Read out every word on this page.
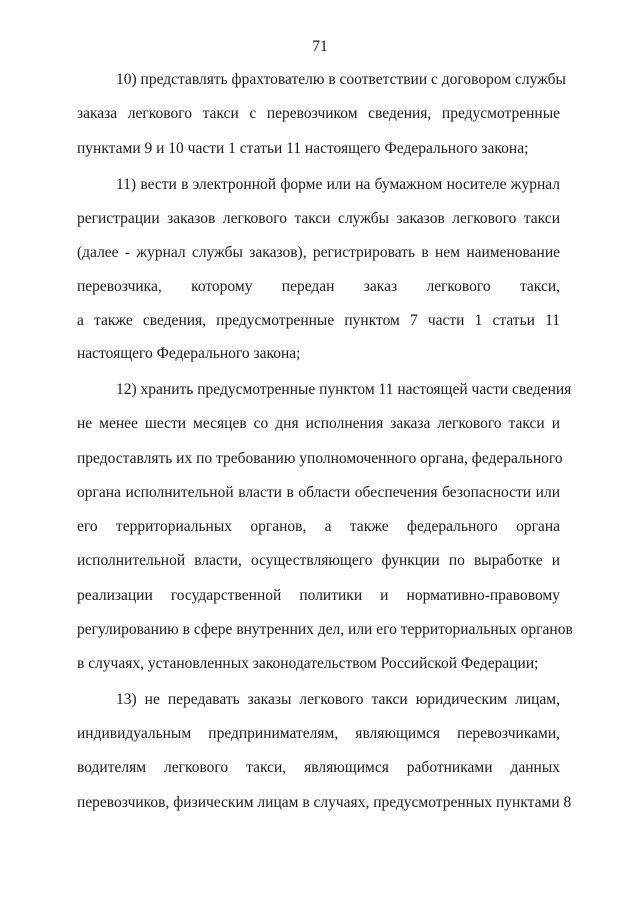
71
10) представлять фрахтователю в соответствии с договором службы
заказа легкового такси с перевозчиком сведения, предусмотренные
пунктами 9 и 10 части 1 статьи 11 настоящего Федерального закона;
11) вести в электронной форме или на бумажном носителе журнал
регистрации заказов легкового такси службы заказов легкового такси
(далее - журнал службы заказов), регистрировать в нем наименование
перевозчика, которому передан заказ легкового такси,
а также сведения, предусмотренные пунктом 7 части 1 статьи 11
настоящего Федерального закона;
12) хранить предусмотренные пунктом 11 настоящей части сведения
не менее шести месяцев со дня исполнения заказа легкового такси и
предоставлять их по требованию уполномоченного органа, федерального
органа исполнительной власти в области обеспечения безопасности или
его территориальных органов, а также федерального органа
исполнительной власти, осуществляющего функции по выработке и
реализации государственной политики и нормативно-правовому
регулированию в сфере внутренних дел, или его территориальных органов
в случаях, установленных законодательством Российской Федерации;
13) не передавать заказы легкового такси юридическим лицам,
индивидуальным предпринимателям, являющимся перевозчиками,
водителям легкового такси, являющимся работниками данных
перевозчиков, физическим лицам в случаях, предусмотренных пунктами 8
